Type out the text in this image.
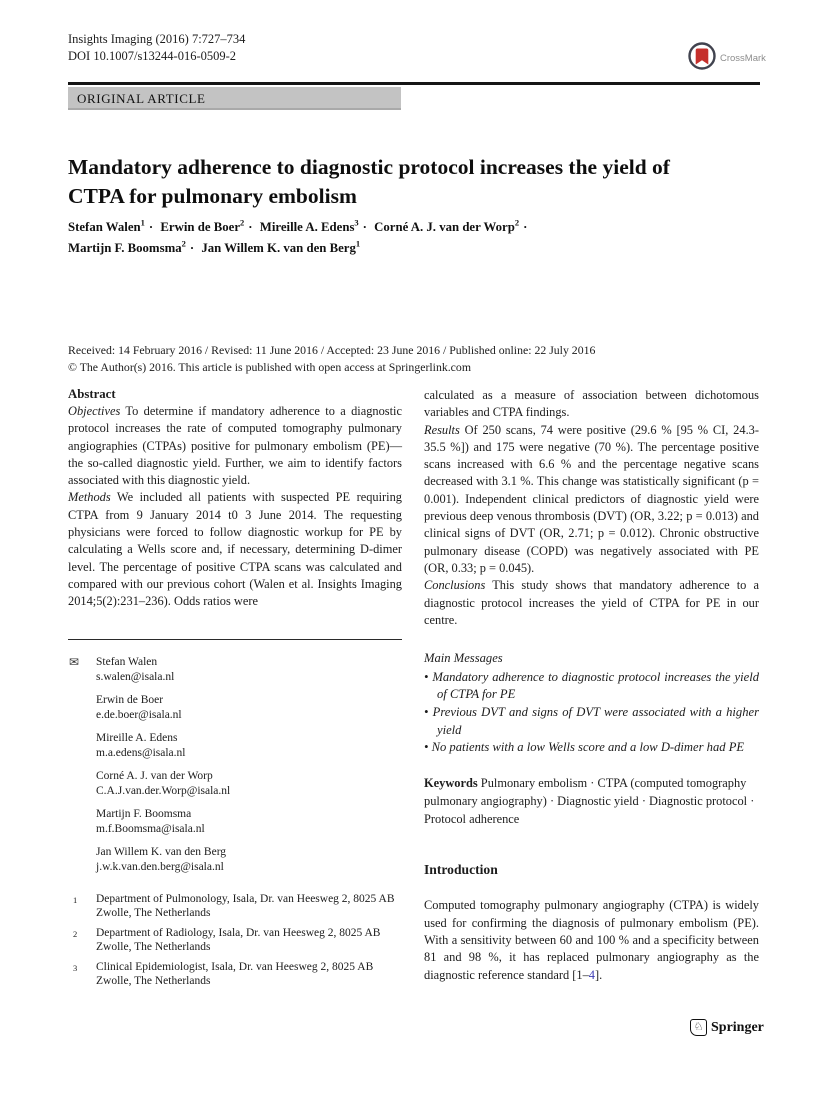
Insights Imaging (2016) 7:727–734
DOI 10.1007/s13244-016-0509-2	CrossMark
ORIGINAL ARTICLE
Mandatory adherence to diagnostic protocol increases the yield of CTPA for pulmonary embolism
Stefan Walen$^1$ · Erwin de Boer$^2$ · Mireille A. Edens$^3$ · Corné A. J. van der Worp$^2$ ·
Martijn F. Boomsma$^2$ · Jan Willem K. van den Berg$^1$
Received: 14 February 2016 / Revised: 11 June 2016 / Accepted: 23 June 2016 / Published online: 22 July 2016
© The Author(s) 2016. This article is published with open access at Springerlink.com
Abstract

Objectives To determine if mandatory adherence to a diagnostic protocol increases the rate of computed tomography pulmonary angiographies (CTPAs) positive for pulmonary embolism (PE)—the so-called diagnostic yield. Further, we aim to identify factors associated with this diagnostic yield.

Methods We included all patients with suspected PE requiring CTPA from 9 January 2014 t0 3 June 2014. The requesting physicians were forced to follow diagnostic workup for PE by calculating a Wells score and, if necessary, determining D-dimer level. The percentage of positive CTPA scans was calculated and compared with our previous cohort (Walen et al. Insights Imaging 2014;5(2):231–236). Odds ratios were

✉ Stefan Walen
s.walen@isala.nl
Erwin de Boer
e.de.boer@isala.nl
Mireille A. Edens
m.a.edens@isala.nl
Corné A. J. van der Worp
C.A.J.van.der.Worp@isala.nl
Martijn F. Boomsma
m.f.Boomsma@isala.nl
Jan Willem K. van den Berg
j.w.k.van.den.berg@isala.nl
1 Department of Pulmonology, Isala, Dr. van Heesweg 2, 8025 AB Zwolle, The Netherlands
2 Department of Radiology, Isala, Dr. van Heesweg 2, 8025 AB Zwolle, The Netherlands
3 Clinical Epidemiologist, Isala, Dr. van Heesweg 2, 8025 AB Zwolle, The Netherlands

calculated as a measure of association between dichotomous variables and CTPA findings.

Results Of 250 scans, 74 were positive (29.6 % [95 % CI, 24.3-35.5 %]) and 175 were negative (70 %). The percentage positive scans increased with 6.6 % and the percentage negative scans decreased with 3.1 %. This change was statistically significant (p = 0.001). Independent clinical predictors of diagnostic yield were previous deep venous thrombosis (DVT) (OR, 3.22; p = 0.013) and clinical signs of DVT (OR, 2.71; p = 0.012). Chronic obstructive pulmonary disease (COPD) was negatively associated with PE (OR, 0.33; p = 0.045).

Conclusions This study shows that mandatory adherence to a diagnostic protocol increases the yield of CTPA for PE in our centre.

Main Messages
• Mandatory adherence to diagnostic protocol increases the yield of CTPA for PE
• Previous DVT and signs of DVT were associated with a higher yield
• No patients with a low Wells score and a low D-dimer had PE
Keywords Pulmonary embolism · CTPA (computed tomography pulmonary angiography) · Diagnostic yield · Diagnostic protocol · Protocol adherence
Introduction

Computed tomography pulmonary angiography (CTPA) is widely used for confirming the diagnosis of pulmonary embolism (PE). With a sensitivity between 60 and 100 % and a specificity between 81 and 98 %, it has replaced pulmonary angiography as the diagnostic reference standard [1–4].

♘ Springer
